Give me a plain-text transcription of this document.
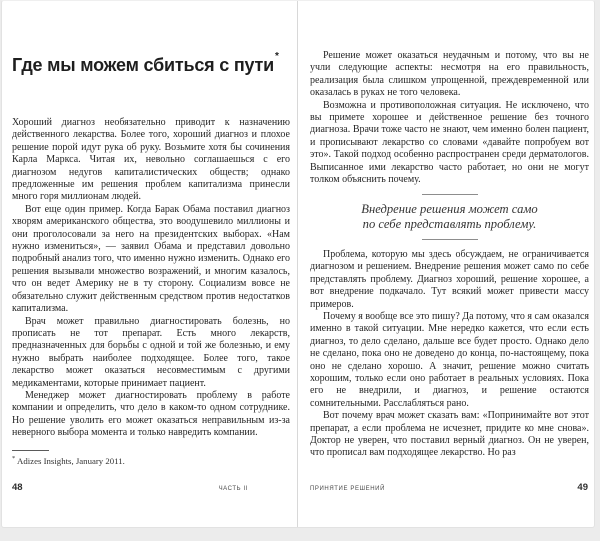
Где мы можем сбиться с пути*

Хороший диагноз необязательно приводит к назначению действенного лекарства. Более того, хороший диагноз и плохое решение порой идут рука об руку. Возьмите хотя бы сочинения Карла Маркса. Читая их, невольно соглашаешься с его диагнозом недугов капиталистических обществ; однако предложенные им решения проблем капитализма принесли много горя миллионам людей.

Вот еще один пример. Когда Барак Обама поставил диагноз хворям американского общества, это воодушевило миллионы и они проголосовали за него на президентских выборах. «Нам нужно измениться», — заявил Обама и представил довольно подробный анализ того, что именно нужно изменить. Однако его решения вызывали множество возражений, и многим казалось, что он ведет Америку не в ту сторону. Социализм вовсе не обязательно служит действенным средством против недостатков капитализма.

Врач может правильно диагностировать болезнь, но прописать не тот препарат. Есть много лекарств, предназначенных для борьбы с одной и той же болезнью, и ему нужно выбрать наиболее подходящее. Более того, такое лекарство может оказаться несовместимым с другими медикаментами, которые принимает пациент.

Менеджер может диагностировать проблему в работе компании и определить, что дело в каком-то одном сотруднике. Но решение уволить его может оказаться неправильным из-за неверного выбора момента и только навредить компании.

* Adizes Insights, January 2011.

48	Часть II

Решение может оказаться неудачным и потому, что вы не учли следующие аспекты: несмотря на его правильность, реализация была слишком упрощенной, преждевременной или оказалась в руках не того человека.

Возможна и противоположная ситуация. Не исключено, что вы примете хорошее и действенное решение без точного диагноза. Врачи тоже часто не знают, чем именно болен пациент, и прописывают лекарство со словами «давайте попробуем вот это». Такой подход особенно распространен среди дерматологов. Выписанное ими лекарство часто работает, но они не могут толком объяснить почему.

Внедрение решения может само
по себе представлять проблему.

Проблема, которую мы здесь обсуждаем, не ограничивается диагнозом и решением. Внедрение решения может само по себе представлять проблему. Диагноз хороший, решение хорошее, а вот внедрение подкачало. Тут всякий может привести массу примеров.

Почему я вообще все это пишу? Да потому, что я сам оказался именно в такой ситуации. Мне нередко кажется, что если есть диагноз, то дело сделано, дальше все будет просто. Однако дело не сделано, пока оно не доведено до конца, по-настоящему, пока оно не сделано хорошо. А значит, решение можно считать хорошим, только если оно работает в реальных условиях. Пока его не внедрили, и диагноз, и решение остаются сомнительными. Расслабляться рано.

Вот почему врач может сказать вам: «Попринимайте вот этот препарат, а если проблема не исчезнет, придите ко мне снова». Доктор не уверен, что поставил верный диагноз. Он не уверен, что прописал вам подходящее лекарство. Но раз

Принятие решений	49
